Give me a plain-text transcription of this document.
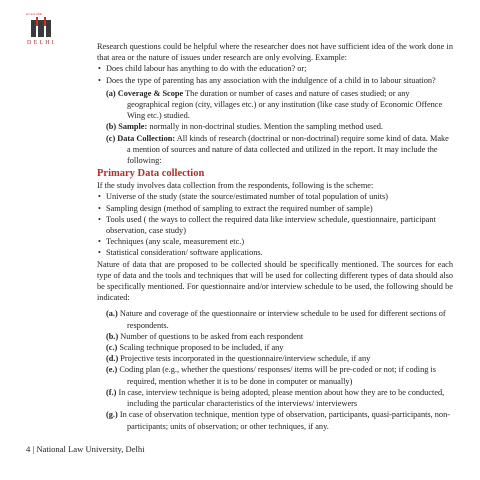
ज्ञान-कला-प्रतिष्ठा
DELHI	Research questions could be helpful where the researcher does not have sufficient idea of the work done in that area or the nature of issues under research are only evolving. Example:

• Does child labour has anything to do with the education? or;
• Does the type of parenting has any association with the indulgence of a child in to labour situation?
(a) Coverage & Scope The duration or number of cases and nature of cases studied; or any geographical region (city, villages etc.) or any institution (like case study of Economic Offence Wing etc.) studied.
(b) Sample: normally in non-doctrinal studies. Mention the sampling method used.
(c) Data Collection: All kinds of research (doctrinal or non-doctrinal) require some kind of data. Make a mention of sources and nature of data collected and utilized in the report. It may include the following:
Primary Data collection

If the study involves data collection from the respondents, following is the scheme:

• Universe of the study (state the source/estimated number of total population of units)
• Sampling design (method of sampling to extract the required number of sample)
• Tools used ( the ways to collect the required data like interview schedule, questionnaire, participant observation, case study)
• Techniques (any scale, measurement etc.)
• Statistical consideration/ software applications.

Nature of data that are proposed to be collected should be specifically mentioned. The sources for each type of data and the tools and techniques that will be used for collecting different types of data should also be specifically mentioned. For questionnaire and/or interview schedule to be used, the following should be indicated:

(a.) Nature and coverage of the questionnaire or interview schedule to be used for different sections of respondents.
(b.) Number of questions to be asked from each respondent
(c.) Scaling technique proposed to be included, if any
(d.) Projective tests incorporated in the questionnaire/interview schedule, if any
(e.) Coding plan (e.g., whether the questions/ responses/ items will be pre-coded or not; if coding is required, mention whether it is to be done in computer or manually)
(f.) In case, interview technique is being adopted, please mention about how they are to be conducted, including the particular characteristics of the interviews/ interviewers
(g.) In case of observation technique, mention type of observation, participants, quasi-participants, non-participants; units of observation; or other techniques, if any.
4 | National Law University, Delhi
